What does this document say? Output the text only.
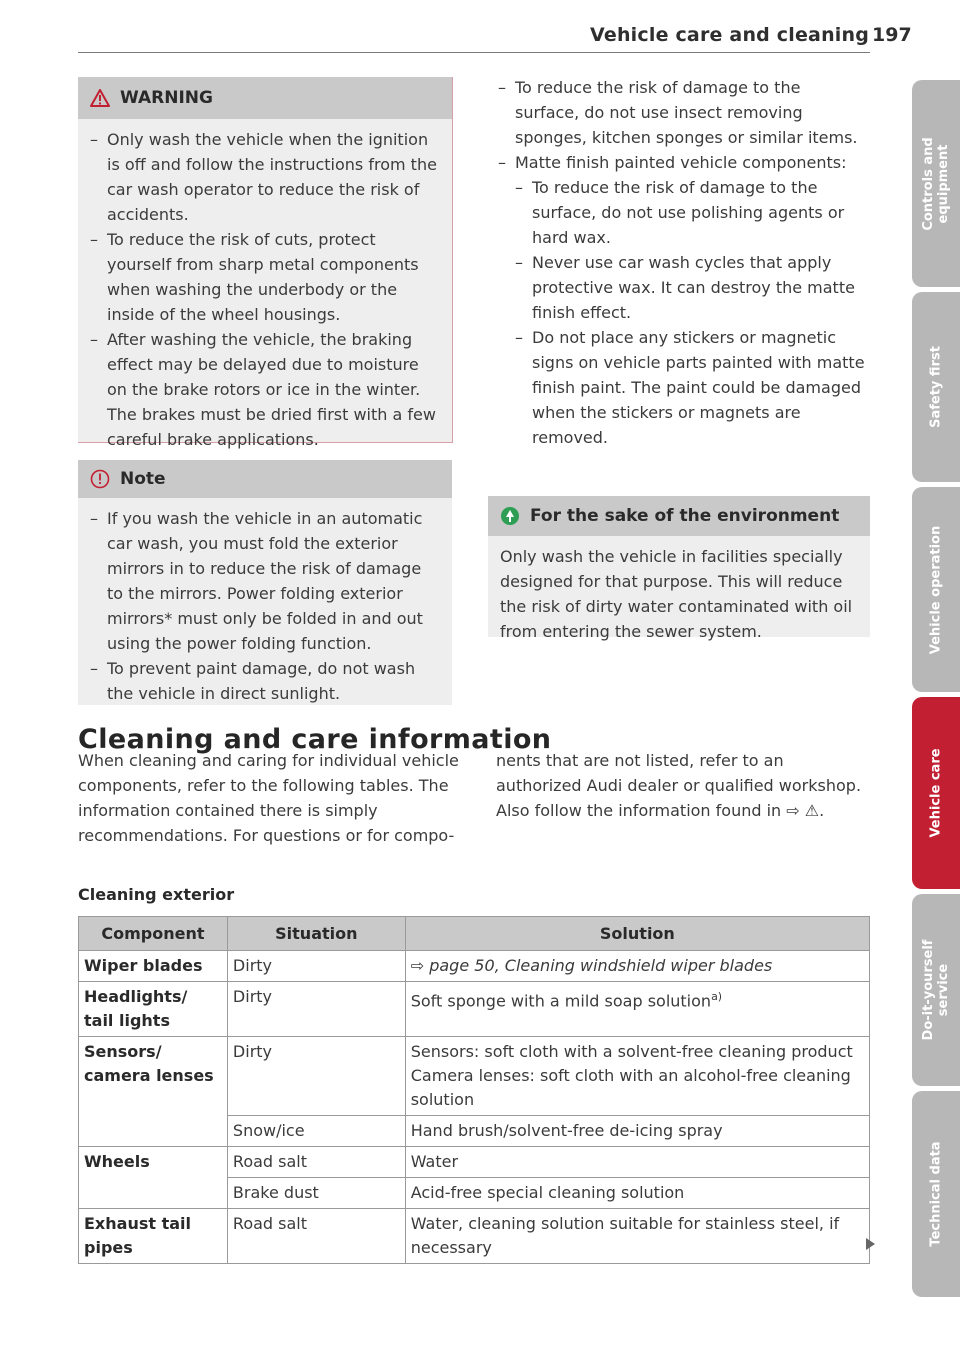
Vehicle care and cleaning 197
WARNING
– Only wash the vehicle when the ignition is off and follow the instructions from the car wash operator to reduce the risk of accidents.
– To reduce the risk of cuts, protect yourself from sharp metal components when washing the underbody or the inside of the wheel housings.
– After washing the vehicle, the braking effect may be delayed due to moisture on the brake rotors or ice in the winter. The brakes must be dried first with a few careful brake applications.
Note
– If you wash the vehicle in an automatic car wash, you must fold the exterior mirrors in to reduce the risk of damage to the mirrors. Power folding exterior mirrors* must only be folded in and out using the power folding function.
– To prevent paint damage, do not wash the vehicle in direct sunlight.
– To reduce the risk of damage to the surface, do not use insect removing sponges, kitchen sponges or similar items.
– Matte finish painted vehicle components:
– To reduce the risk of damage to the surface, do not use polishing agents or hard wax.
– Never use car wash cycles that apply protective wax. It can destroy the matte finish effect.
– Do not place any stickers or magnetic signs on vehicle parts painted with matte finish paint. The paint could be damaged when the stickers or magnets are removed.
For the sake of the environment
Only wash the vehicle in facilities specially designed for that purpose. This will reduce the risk of dirty water contaminated with oil from entering the sewer system.
Cleaning and care information
When cleaning and caring for individual vehicle components, refer to the following tables. The information contained there is simply recommendations. For questions or for compo-
nents that are not listed, refer to an authorized Audi dealer or qualified workshop. Also follow the information found in ⇨ ⚠.
Cleaning exterior
Component	Situation	Solution
Wiper blades	Dirty	⇨ page 50, Cleaning windshield wiper blades
Headlights/ tail lights	Dirty	Soft sponge with a mild soap solution$^{a)}$
Sensors/ camera lenses	Dirty	Sensors: soft cloth with a solvent-free cleaning product Camera lenses: soft cloth with an alcohol-free cleaning solution
	Snow/ice	Hand brush/solvent-free de-icing spray
Wheels	Road salt	Water
	Brake dust	Acid-free special cleaning solution
Exhaust tail pipes	Road salt	Water, cleaning solution suitable for stainless steel, if necessary
Controls and equipment
Safety first
Vehicle operation
Vehicle care
Do-it-yourself service
Technical data
